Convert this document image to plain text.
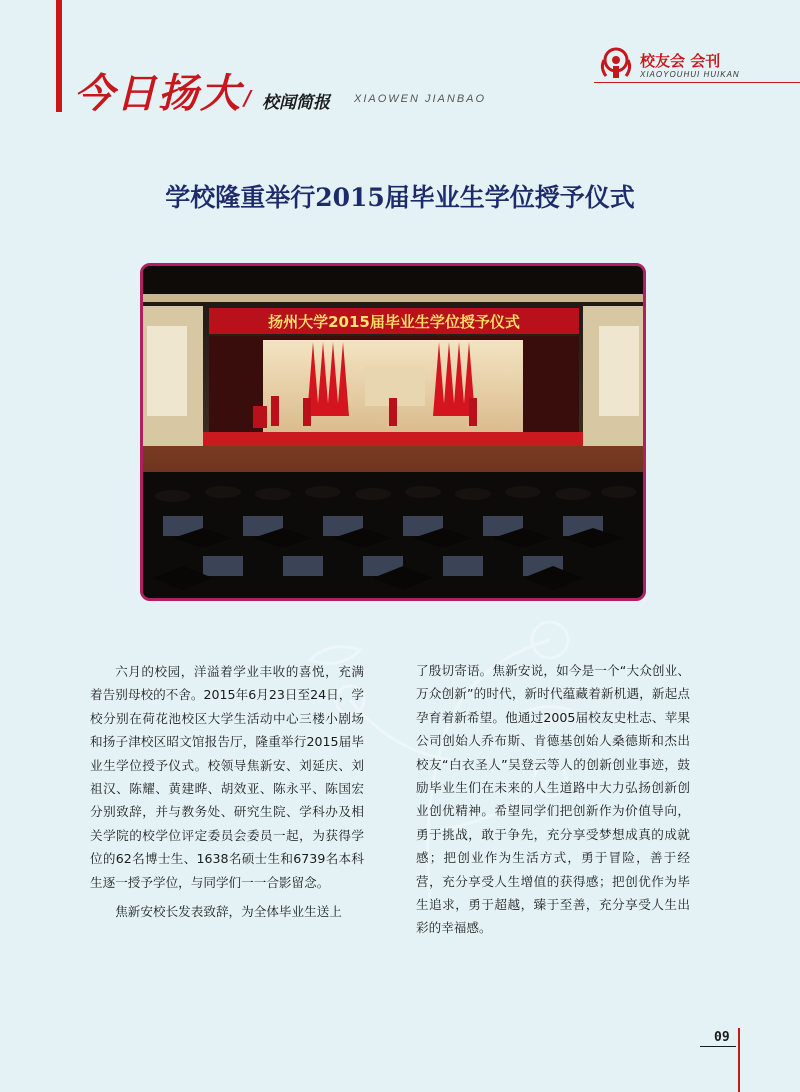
今日扬大 / 校闻简报 XIAOWEN JIANBAO
校友会 会刊
XIAOYOUHUI HUIKAN
学校隆重举行2015届毕业生学位授予仪式
扬州大学2015届毕业生学位授予仪式

六月的校园，洋溢着学业丰收的喜悦，充满着告别母校的不舍。2015年6月23日至24日，学校分别在荷花池校区大学生活动中心三楼小剧场和扬子津校区昭文馆报告厅，隆重举行2015届毕业生学位授予仪式。校领导焦新安、刘延庆、刘祖汉、陈耀、黄建晔、胡效亚、陈永平、陈国宏分别致辞，并与教务处、研究生院、学科办及相关学院的校学位评定委员会委员一起，为获得学位的62名博士生、1638名硕士生和6739名本科生逐一授予学位，与同学们一一合影留念。

焦新安校长发表致辞，为全体毕业生送上

了殷切寄语。焦新安说，如今是一个“大众创业、万众创新”的时代，新时代蕴藏着新机遇，新起点孕育着新希望。他通过2005届校友史杜志、苹果公司创始人乔布斯、肯德基创始人桑德斯和杰出校友“白衣圣人”吴登云等人的创新创业事迹，鼓励毕业生们在未来的人生道路中大力弘扬创新创业创优精神。希望同学们把创新作为价值导向，勇于挑战，敢于争先，充分享受梦想成真的成就感；把创业作为生活方式，勇于冒险，善于经营，充分享受人生增值的获得感；把创优作为毕生追求，勇于超越，臻于至善，充分享受人生出彩的幸福感。

09
